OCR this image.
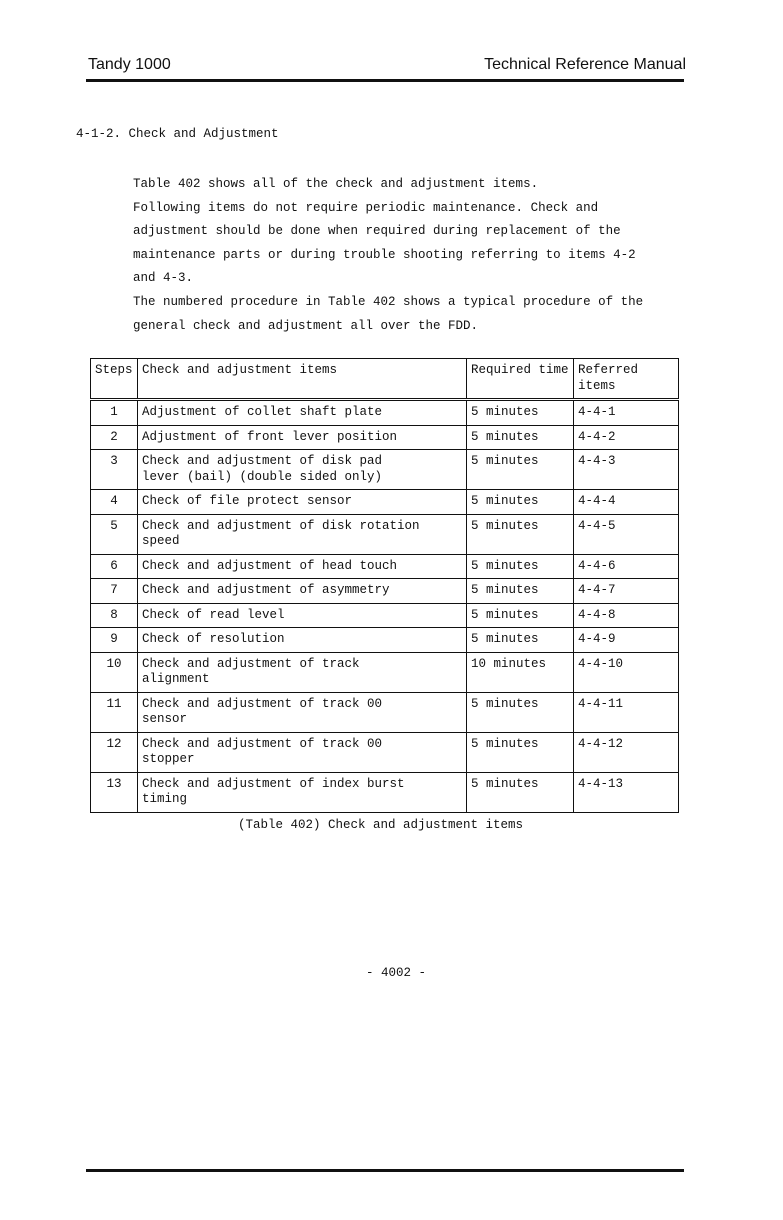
Tandy 1000	Technical Reference Manual
4-1-2. Check and Adjustment

Table 402 shows all of the check and adjustment items.

Following items do not require periodic maintenance. Check and

adjustment should be done when required during replacement of the

maintenance parts or during trouble shooting referring to items 4-2

and 4-3.

The numbered procedure in Table 402 shows a typical procedure of the

general check and adjustment all over the FDD.

Steps	Check and adjustment items	Required time	Referred items
1	Adjustment of collet shaft plate	5 minutes	4-4-1
2	Adjustment of front lever position	5 minutes	4-4-2
3	Check and adjustment of disk pad
lever (bail) (double sided only)	5 minutes	4-4-3
4	Check of file protect sensor	5 minutes	4-4-4
5	Check and adjustment of disk rotation
speed	5 minutes	4-4-5
6	Check and adjustment of head touch	5 minutes	4-4-6
7	Check and adjustment of asymmetry	5 minutes	4-4-7
8	Check of read level	5 minutes	4-4-8
9	Check of resolution	5 minutes	4-4-9
10	Check and adjustment of track
alignment	10 minutes	4-4-10
11	Check and adjustment of track 00
sensor	5 minutes	4-4-11
12	Check and adjustment of track 00
stopper	5 minutes	4-4-12
13	Check and adjustment of index burst
timing	5 minutes	4-4-13
(Table 402) Check and adjustment items
- 4002 -
